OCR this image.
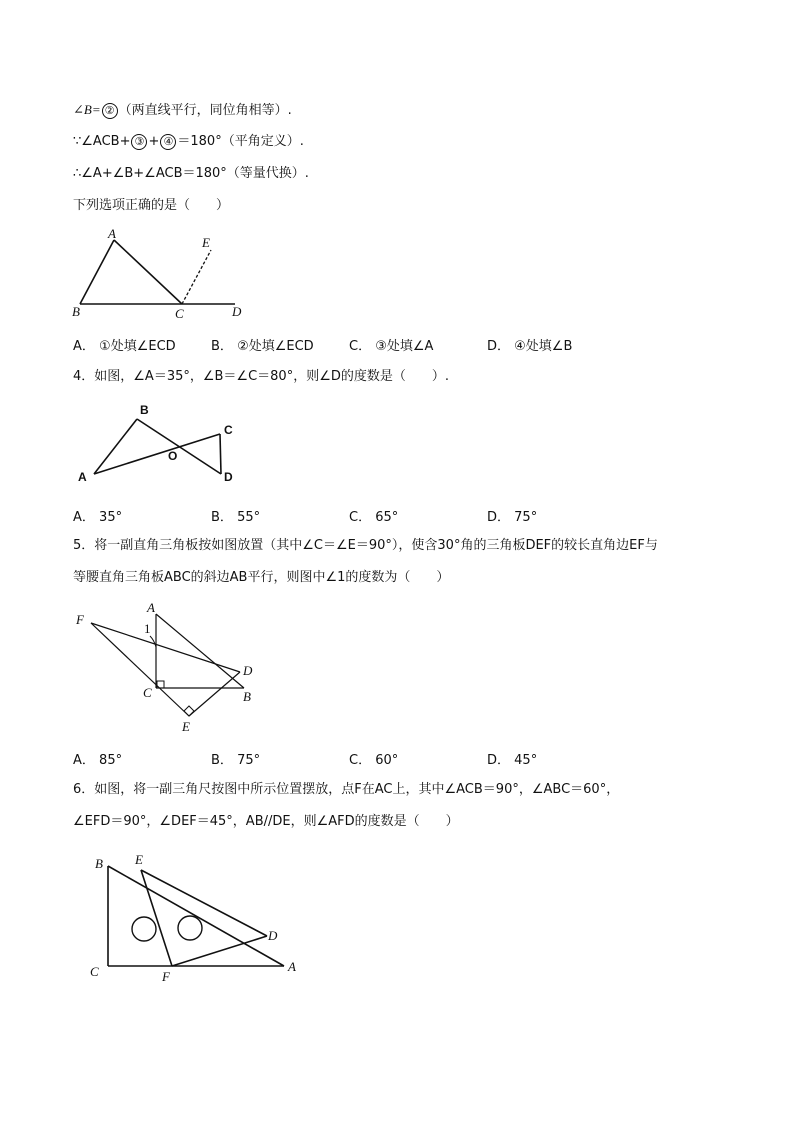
∠B= ② （两直线平行，同位角相等）.
∵∠ACB+ ③ + ④ ＝180°（平角定义）.
∴∠A+∠B+∠ACB＝180°（等量代换）.
下列选项正确的是（　　）
A
B	C	D
E
A． ①处填∠ECD	B． ②处填∠ECD	C． ③处填∠A	D． ④处填∠B
4．如图，∠A＝35°，∠B＝∠C＝80°，则∠D的度数是（　　）.
A
B
C
D
O
A． 35°	B． 55°	C． 65°	D． 75°
5．将一副直角三角板按如图放置（其中∠C＝∠E＝90°），使含30°角的三角板DEF的较长直角边EF与
等腰直角三角板ABC的斜边AB平行，则图中∠1的度数为（　　）
A
B
C
D
E
F
1
A． 85°	B． 75°	C． 60°	D． 45°
6．如图，将一副三角尺按图中所示位置摆放，点F在AC上，其中∠ACB＝90°，∠ABC＝60°，
∠EFD＝90°，∠DEF＝45°，AB//DE，则∠AFD的度数是（　　）
B E
C	F
A
D
